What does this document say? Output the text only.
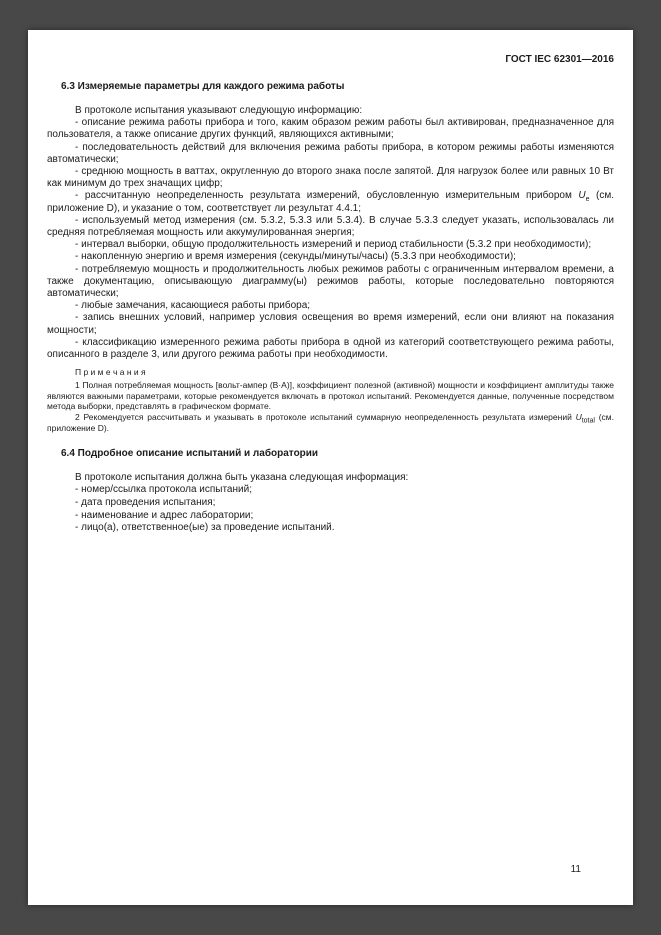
ГОСТ IEC 62301—2016
6.3 Измеряемые параметры для каждого режима работы

В протоколе испытания указывают следующую информацию:

- описание режима работы прибора и того, каким образом режим работы был активирован, предназначенное для пользователя, а также описание других функций, являющихся активными;

- последовательность действий для включения режима работы прибора, в котором режимы работы изменяются автоматически;

- среднюю мощность в ваттах, округленную до второго знака после запятой. Для нагрузок более или равных 10 Вт как минимум до трех значащих цифр;

- рассчитанную неопределенность результата измерений, обусловленную измерительным прибором $U_e$ (см. приложение D), и указание о том, соответствует ли результат 4.4.1;

- используемый метод измерения (см. 5.3.2, 5.3.3 или 5.3.4). В случае 5.3.3 следует указать, использовалась ли средняя потребляемая мощность или аккумулированная энергия;

- интервал выборки, общую продолжительность измерений и период стабильности (5.3.2 при необходимости);

- накопленную энергию и время измерения (секунды/минуты/часы) (5.3.3 при необходимости);

- потребляемую мощность и продолжительность любых режимов работы с ограниченным интервалом времени, а также документацию, описывающую диаграмму(ы) режимов работы, которые последовательно повторяются автоматически;

- любые замечания, касающиеся работы прибора;

- запись внешних условий, например условия освещения во время измерений, если они влияют на показания мощности;

- классификацию измеренного режима работы прибора в одной из категорий соответствующего режима работы, описанного в разделе 3, или другого режима работы при необходимости.

П р и м е ч а н и я

1 Полная потребляемая мощность [вольт-ампер (В·А)], коэффициент полезной (активной) мощности и коэффициент амплитуды также являются важными параметрами, которые рекомендуется включать в протокол испытаний. Рекомендуется данные, полученные посредством метода выборки, представлять в графическом формате.

2 Рекомендуется рассчитывать и указывать в протоколе испытаний суммарную неопределенность результата измерений $U_{total}$ (см. приложение D).

6.4 Подробное описание испытаний и лаборатории

В протоколе испытания должна быть указана следующая информация:

- номер/ссылка протокола испытаний;

- дата проведения испытания;

- наименование и адрес лаборатории;

- лицо(а), ответственное(ые) за проведение испытаний.

11
